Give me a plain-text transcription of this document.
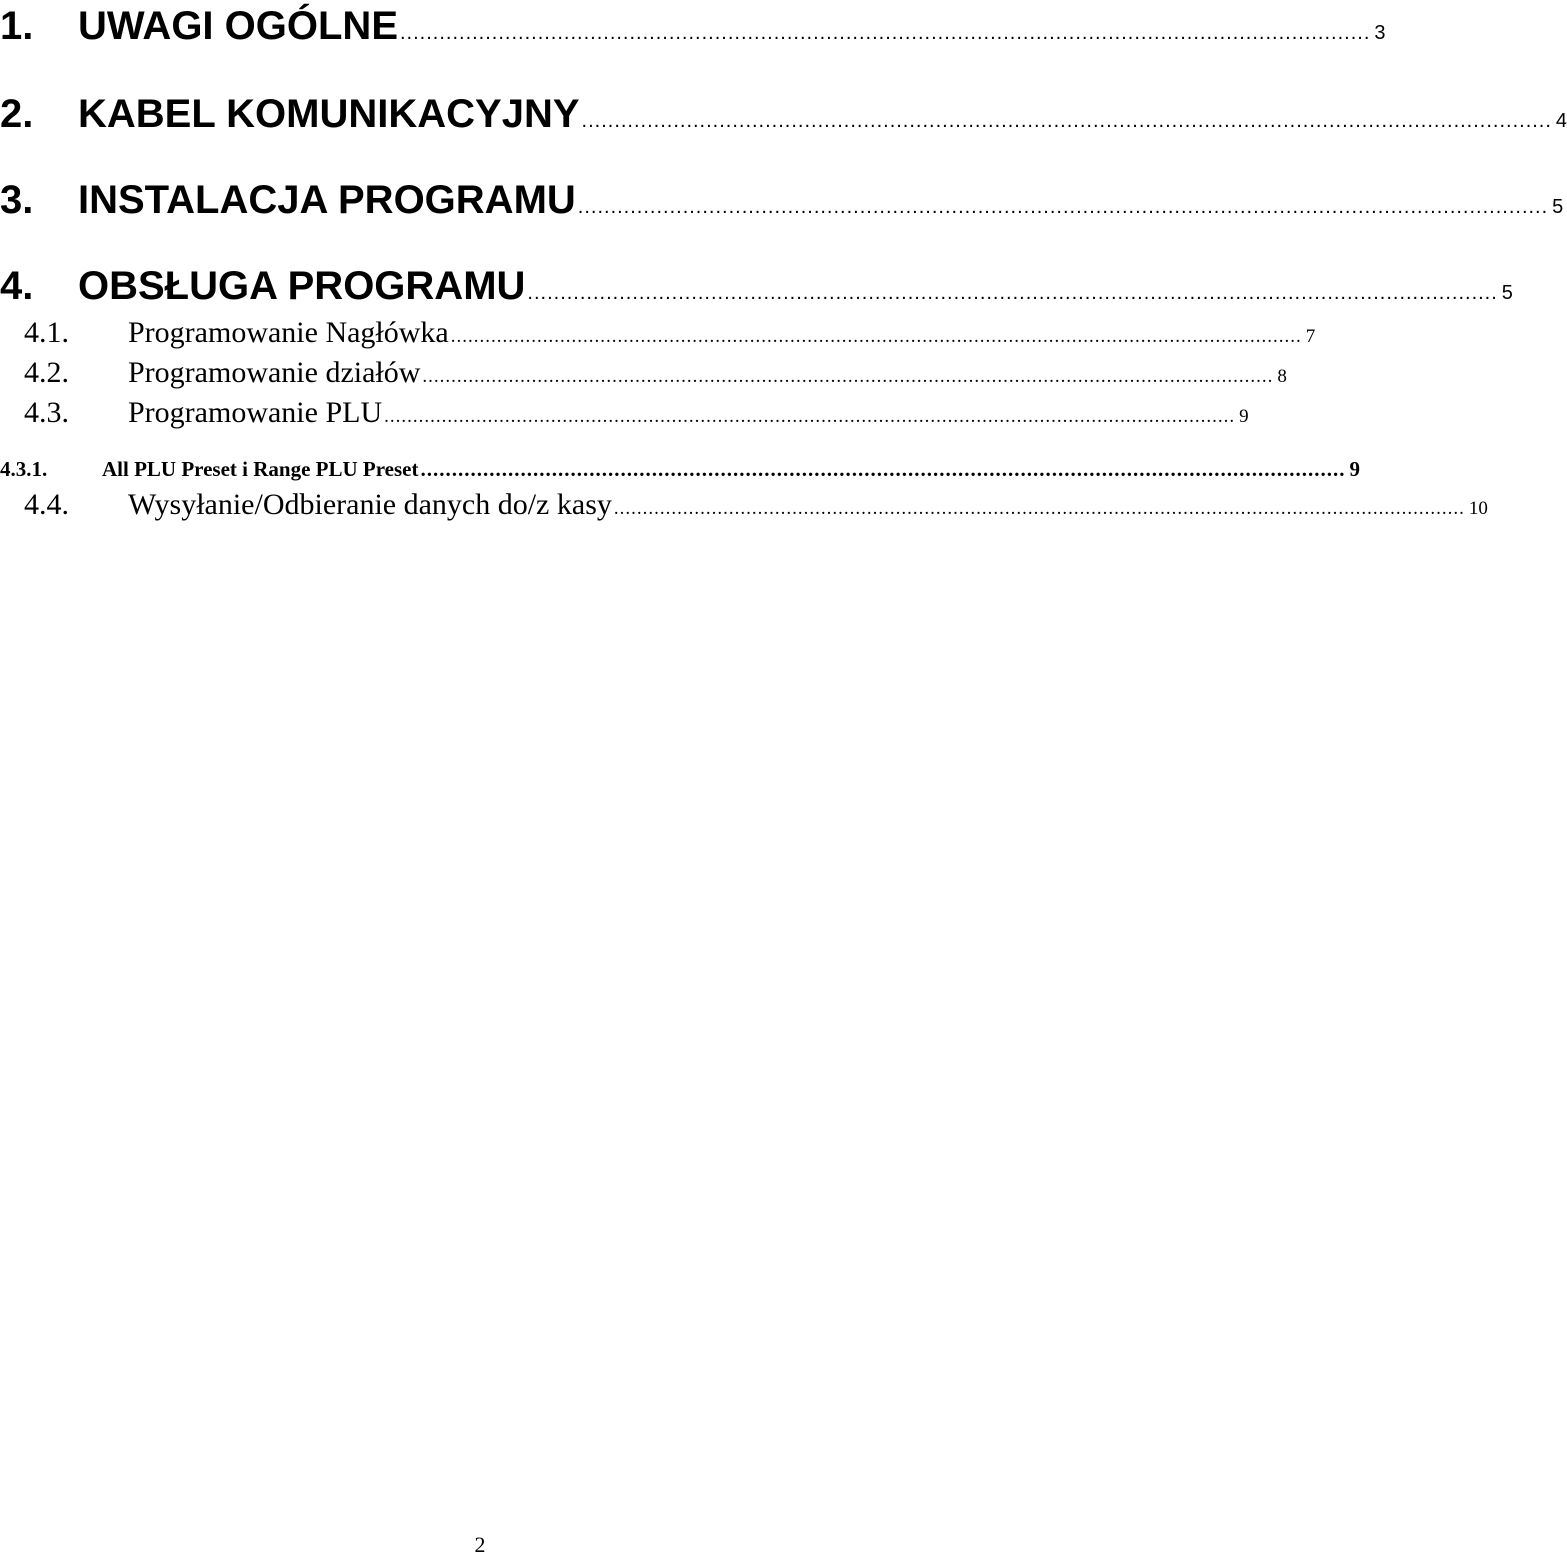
1.	UWAGI OGÓLNE .................................................................................................................................................... 3
2.	KABEL KOMUNIKACYJNY .................................................................................................................................................... 4
3.	INSTALACJA PROGRAMU .................................................................................................................................................... 5
4.	OBSŁUGA PROGRAMU .................................................................................................................................................... 5
4.1.	Programowanie Nagłówka .................................................................................................................................................... 7
4.2.	Programowanie działów .................................................................................................................................................... 8
4.3.	Programowanie PLU .................................................................................................................................................... 9
4.3.1.	All PLU Preset i Range PLU Preset .................................................................................................................................................... 9
4.4.	Wysyłanie/Odbieranie danych do/z kasy .................................................................................................................................................... 10
2
